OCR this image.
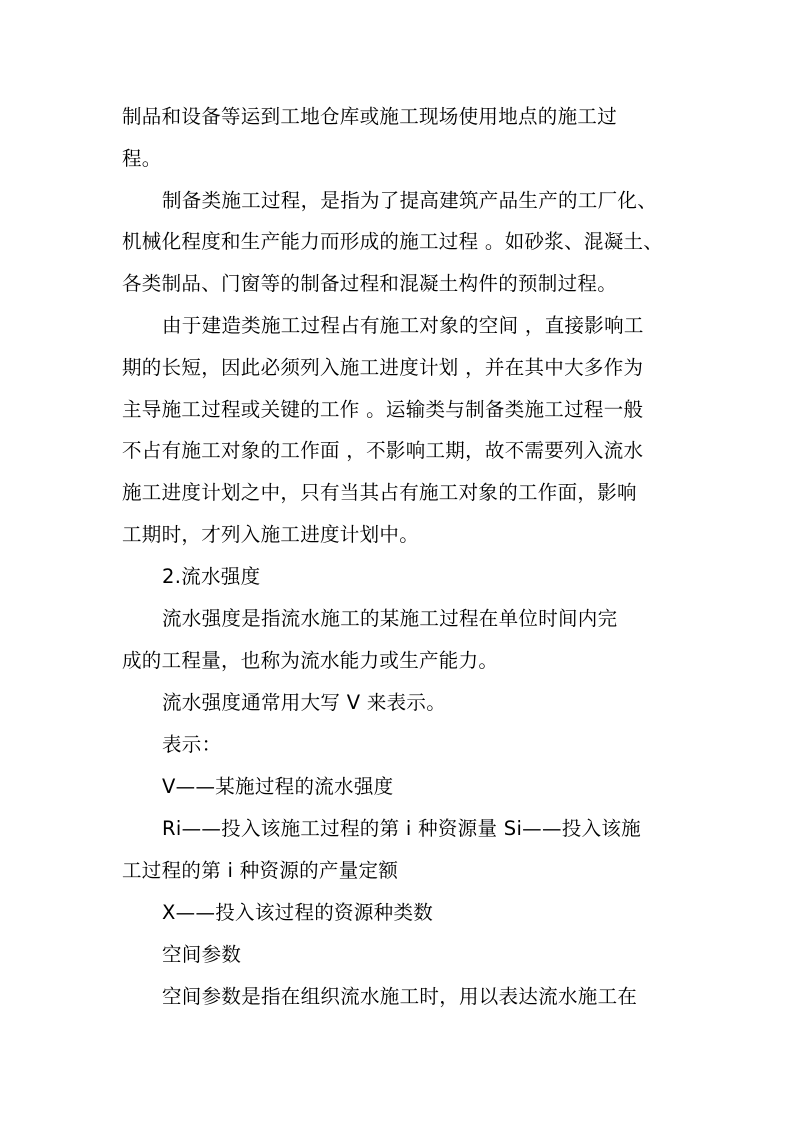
制品和设备等运到工地仓库或施工现场使用地点的施工过
程。
制备类施工过程，是指为了提高建筑产品生产的工厂化、
机械化程度和生产能力而形成的施工过程 。如砂浆、混凝土、
各类制品、门窗等的制备过程和混凝土构件的预制过程。
由于建造类施工过程占有施工对象的空间 ，直接影响工
期的长短，因此必须列入施工进度计划 ，并在其中大多作为
主导施工过程或关键的工作 。运输类与制备类施工过程一般
不占有施工对象的工作面 ，不影响工期，故不需要列入流水
施工进度计划之中，只有当其占有施工对象的工作面，影响
工期时，才列入施工进度计划中。
2.流水强度
流水强度是指流水施工的某施工过程在单位时间内完
成的工程量，也称为流水能力或生产能力。
流水强度通常用大写 V 来表示。
表示：
V——某施过程的流水强度
Ri——投入该施工过程的第 i 种资源量 Si——投入该施
工过程的第 i 种资源的产量定额
X——投入该过程的资源种类数
空间参数
空间参数是指在组织流水施工时，用以表达流水施工在
